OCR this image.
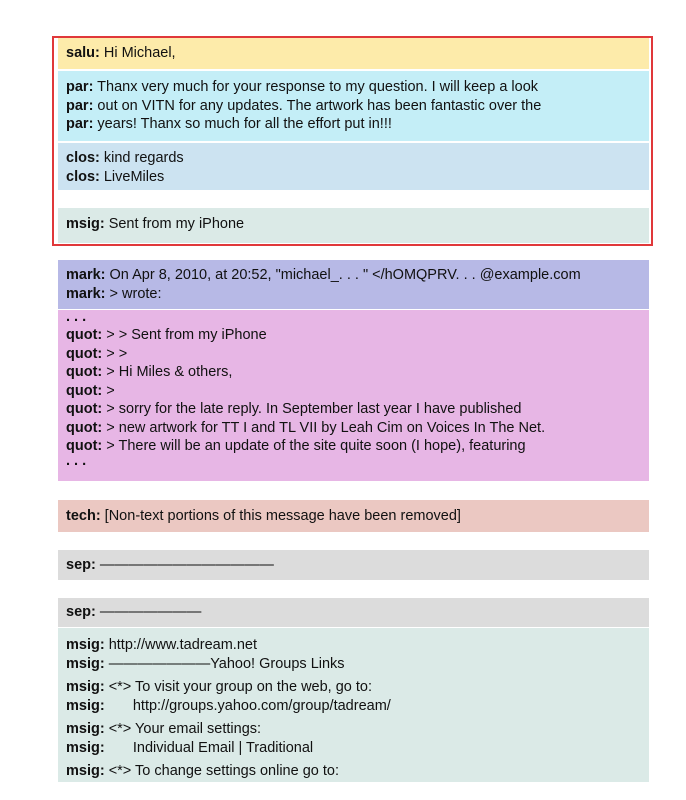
salu: Hi Michael,
par: Thanx very much for your response to my question. I will keep a look
par: out on VITN for any updates. The artwork has been fantastic over the
par: years! Thanx so much for all the effort put in!!!
clos: kind regards
clos: LiveMiles
msig: Sent from my iPhone
mark: On Apr 8, 2010, at 20:52, "michael_. . . " </hOMQPRV. . . @example.com
mark: > wrote:
. . .
quot: > > Sent from my iPhone
quot: > >
quot: > Hi Miles & others,
quot: >
quot: > sorry for the late reply. In September last year I have published
quot: > new artwork for TT I and TL VII by Leah Cim on Voices In The Net.
quot: > There will be an update of the site quite soon (I hope), featuring
. . .
tech: [Non-text portions of this message have been removed]
sep: ————————————
sep: ———————
msig: http://www.tadream.net
msig: ———————Yahoo! Groups Links
msig: <*> To visit your group on the web, go to:
msig:       http://groups.yahoo.com/group/tadream/
msig: <*> Your email settings:
msig:       Individual Email | Traditional
msig: <*> To change settings online go to:
